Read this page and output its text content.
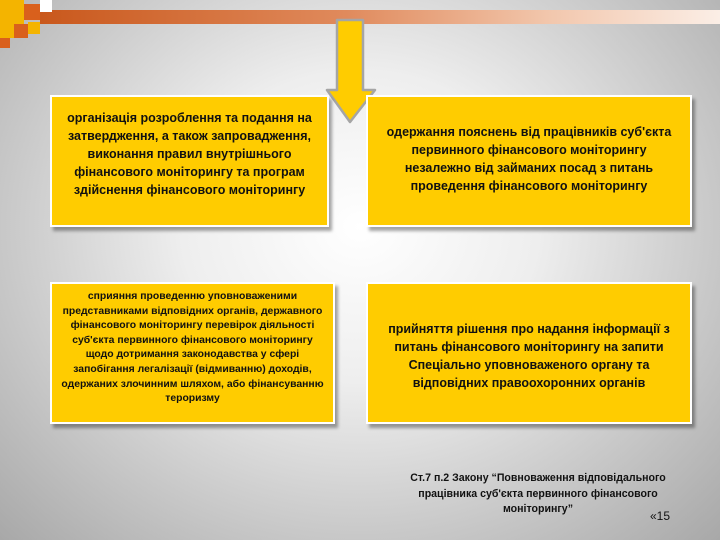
організація розроблення та подання на затвердження, а також запровадження, виконання правил внутрішнього фінансового моніторингу та програм здійснення фінансового моніторингу
одержання пояснень від працівників суб'єкта первинного фінансового моніторингу незалежно від займаних посад з питань проведення фінансового моніторингу
сприяння проведенню уповноваженими представниками відповідних органів, державного фінансового моніторингу перевірок діяльності суб'єкта первинного фінансового моніторингу щодо дотримання законодавства у сфері запобігання легалізації (відмиванню) доходів, одержаних злочинним шляхом, або фінансуванню тероризму
прийняття рішення про надання інформації з питань фінансового моніторингу на запити Спеціально уповноваженого органу та відповідних правоохоронних органів
Ст.7 п.2 Закону “Повноваження відповідального працівника суб'єкта первинного фінансового моніторингу”	«15
